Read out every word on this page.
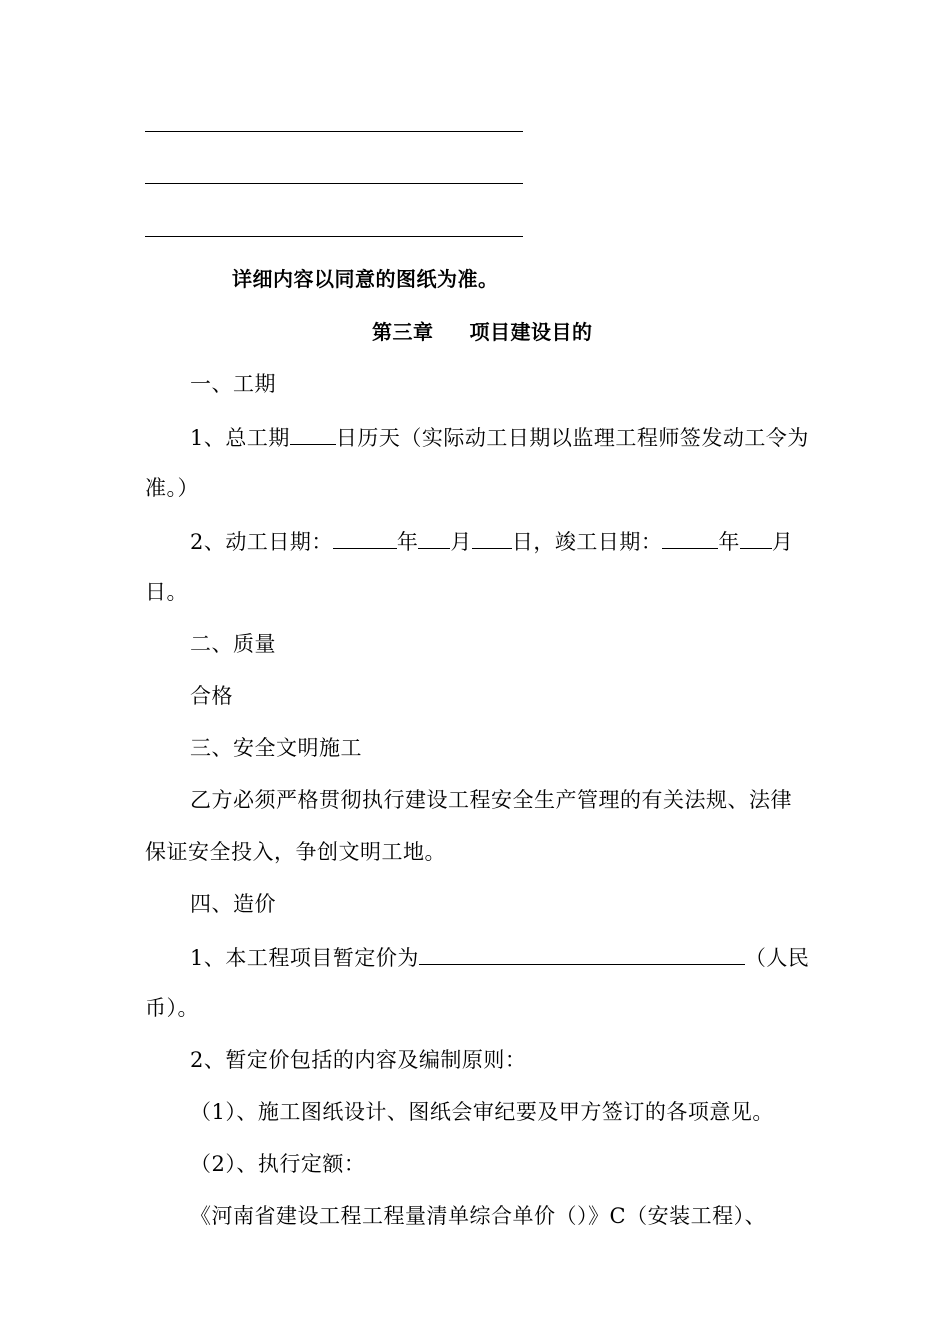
详细内容以同意的图纸为准。
第三章 项目建设目的
一、工期
1、总工期 日历天（实际动工日期以监理工程师签发动工令为
准。）
2、动工日期：	年 月 日，竣工日期：	年 月
日。
二、质量
合格
三、安全文明施工
乙方必须严格贯彻执行建设工程安全生产管理的有关法规、法律
保证安全投入，争创文明工地。
四、造价
1、本工程项目暂定价为	（人民
币）。
2、暂定价包括的内容及编制原则：
（1）、施工图纸设计、图纸会审纪要及甲方签订的各项意见。
（2）、执行定额：
《河南省建设工程工程量清单综合单价（）》C（安装工程）、
